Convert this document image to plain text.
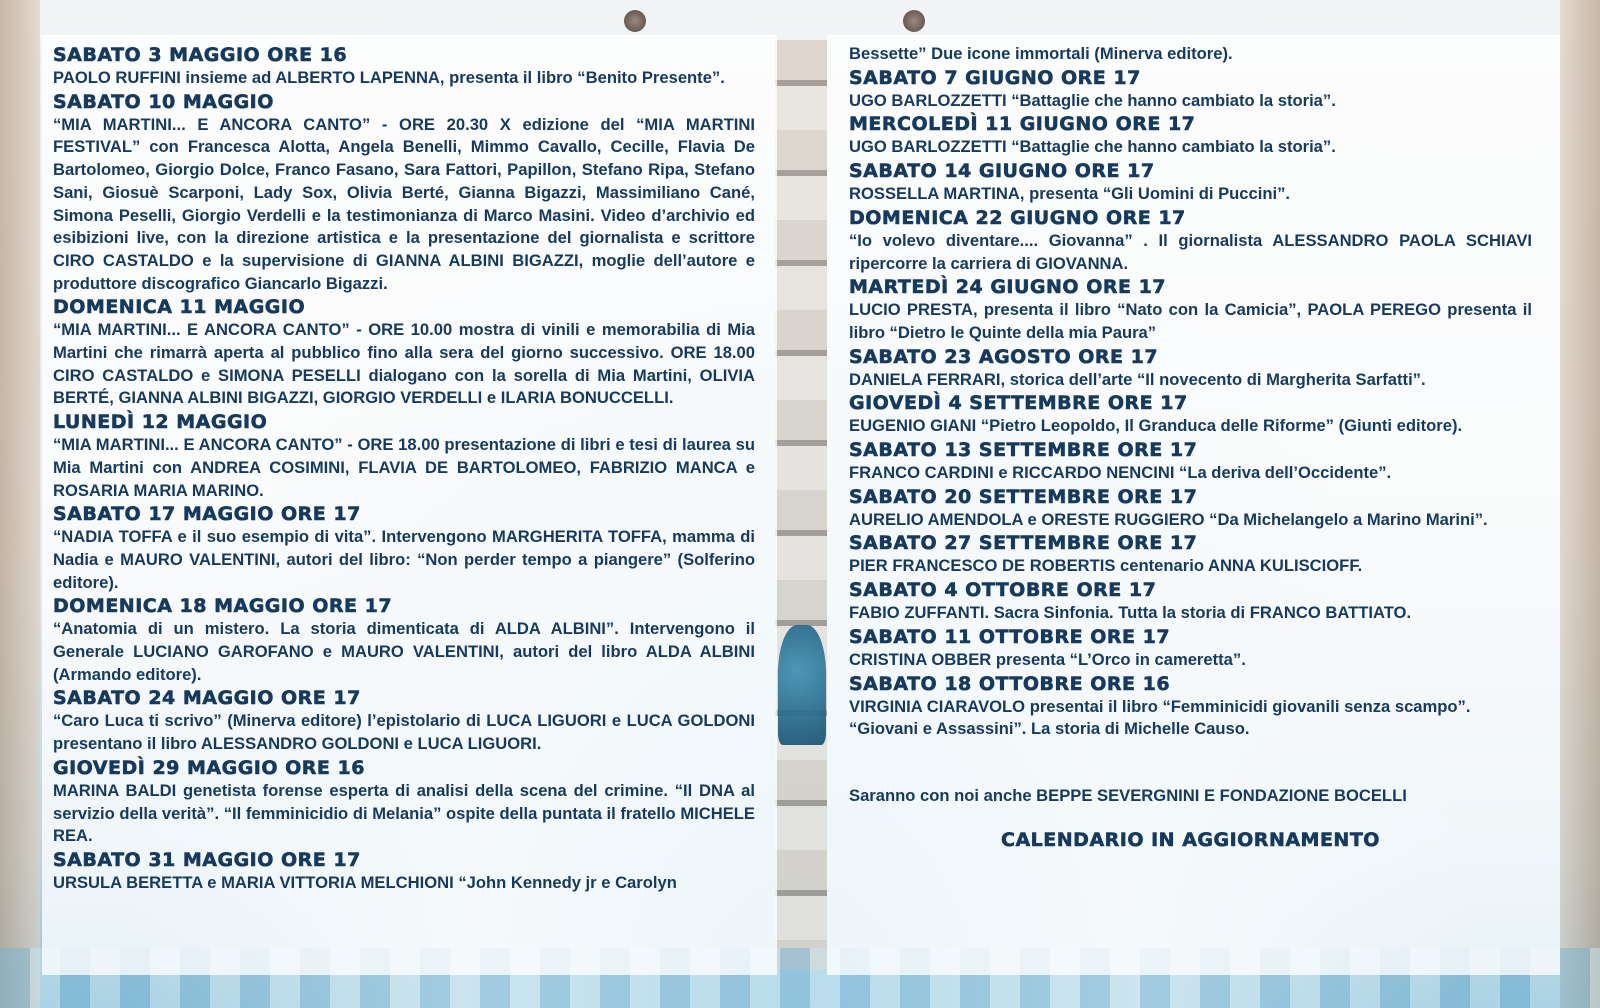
SABATO 3 MAGGIO ORE 16

PAOLO RUFFINI insieme ad ALBERTO LAPENNA, presenta il libro “Benito Presente”.

SABATO 10 MAGGIO

“MIA MARTINI... E ANCORA CANTO” - ORE 20.30 X edizione del “MIA MARTINI FESTIVAL” con Francesca Alotta, Angela Benelli, Mimmo Cavallo, Cecille, Flavia De Bartolomeo, Giorgio Dolce, Franco Fasano, Sara Fattori, Papillon, Stefano Ripa, Stefano Sani, Giosuè Scarponi, Lady Sox, Olivia Berté, Gianna Bigazzi, Massimiliano Cané, Simona Peselli, Giorgio Verdelli e la testimonianza di Marco Masini. Video d’archivio ed esibizioni live, con la direzione artistica e la presentazione del giornalista e scrittore CIRO CASTALDO e la supervisione di GIANNA ALBINI BIGAZZI, moglie dell’autore e produttore discografico Giancarlo Bigazzi.

DOMENICA 11 MAGGIO

“MIA MARTINI... E ANCORA CANTO” - ORE 10.00 mostra di vinili e memorabilia di Mia Martini che rimarrà aperta al pubblico fino alla sera del giorno successivo. ORE 18.00 CIRO CASTALDO e SIMONA PESELLI dialogano con la sorella di Mia Martini, OLIVIA BERTÉ, GIANNA ALBINI BIGAZZI, GIORGIO VERDELLI e ILARIA BONUCCELLI.

LUNEDÌ 12 MAGGIO

“MIA MARTINI... E ANCORA CANTO” - ORE 18.00 presentazione di libri e tesi di laurea su Mia Martini con ANDREA COSIMINI, FLAVIA DE BARTOLOMEO, FABRIZIO MANCA e ROSARIA MARIA MARINO.

SABATO 17 MAGGIO ORE 17

“NADIA TOFFA e il suo esempio di vita”. Intervengono MARGHERITA TOFFA, mamma di Nadia e MAURO VALENTINI, autori del libro: “Non perder tempo a piangere” (Solferino editore).

DOMENICA 18 MAGGIO ORE 17

“Anatomia di un mistero. La storia dimenticata di ALDA ALBINI”. Intervengono il Generale LUCIANO GAROFANO e MAURO VALENTINI, autori del libro ALDA ALBINI (Armando editore).

SABATO 24 MAGGIO ORE 17

“Caro Luca ti scrivo” (Minerva editore) l’epistolario di LUCA LIGUORI e LUCA GOLDONI presentano il libro ALESSANDRO GOLDONI e LUCA LIGUORI.

GIOVEDÌ 29 MAGGIO ORE 16

MARINA BALDI genetista forense esperta di analisi della scena del crimine. “Il DNA al servizio della verità”. “Il femminicidio di Melania” ospite della puntata il fratello MICHELE REA.

SABATO 31 MAGGIO ORE 17

URSULA BERETTA e MARIA VITTORIA MELCHIONI “John Kennedy jr e Carolyn

Bessette” Due icone immortali (Minerva editore).

SABATO 7 GIUGNO ORE 17

UGO BARLOZZETTI “Battaglie che hanno cambiato la storia”.

MERCOLEDÌ 11 GIUGNO ORE 17

UGO BARLOZZETTI “Battaglie che hanno cambiato la storia”.

SABATO 14 GIUGNO ORE 17

ROSSELLA MARTINA, presenta “Gli Uomini di Puccini”.

DOMENICA 22 GIUGNO ORE 17

“Io volevo diventare.... Giovanna” . Il giornalista ALESSANDRO PAOLA SCHIAVI ripercorre la carriera di GIOVANNA.

MARTEDÌ 24 GIUGNO ORE 17

LUCIO PRESTA, presenta il libro “Nato con la Camicia”, PAOLA PEREGO presenta il libro “Dietro le Quinte della mia Paura”

SABATO 23 AGOSTO ORE 17

DANIELA FERRARI, storica dell’arte “Il novecento di Margherita Sarfatti”.

GIOVEDÌ 4 SETTEMBRE ORE 17

EUGENIO GIANI “Pietro Leopoldo, Il Granduca delle Riforme” (Giunti editore).

SABATO 13 SETTEMBRE ORE 17

FRANCO CARDINI e RICCARDO NENCINI “La deriva dell’Occidente”.

SABATO 20 SETTEMBRE ORE 17

AURELIO AMENDOLA e ORESTE RUGGIERO “Da Michelangelo a Marino Marini”.

SABATO 27 SETTEMBRE ORE 17

PIER FRANCESCO DE ROBERTIS centenario ANNA KULISCIOFF.

SABATO 4 OTTOBRE ORE 17

FABIO ZUFFANTI. Sacra Sinfonia. Tutta la storia di FRANCO BATTIATO.

SABATO 11 OTTOBRE ORE 17

CRISTINA OBBER presenta “L’Orco in cameretta”.

SABATO 18 OTTOBRE ORE 16

VIRGINIA CIARAVOLO presentai il libro “Femminicidi giovanili senza scampo”. “Giovani e Assassini”. La storia di Michelle Causo.

Saranno con noi anche BEPPE SEVERGNINI E FONDAZIONE BOCELLI

CALENDARIO IN AGGIORNAMENTO
